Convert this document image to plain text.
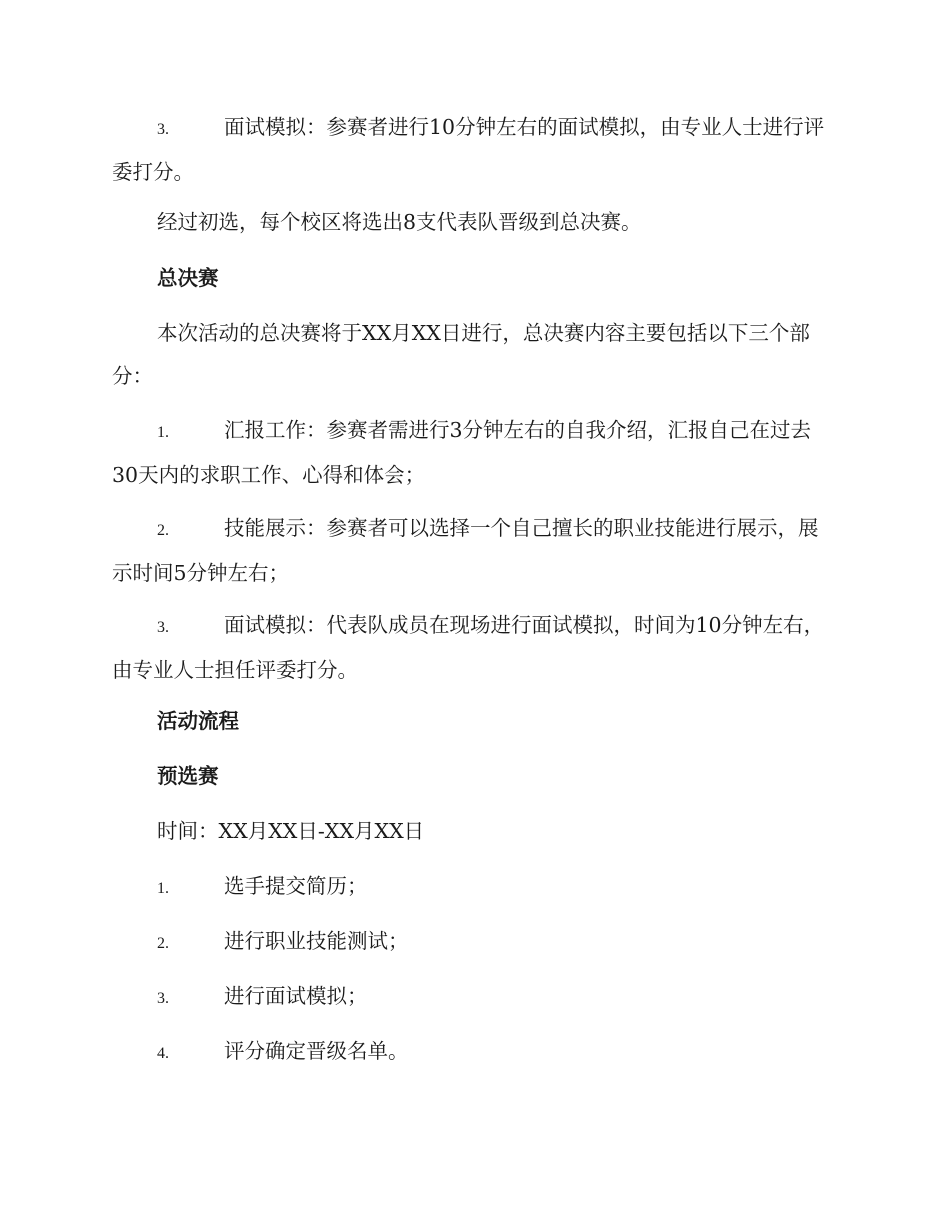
3.	面试模拟：参赛者进行10分钟左右的面试模拟，由专业人士进行评委打分。

经过初选，每个校区将选出8支代表队晋级到总决赛。

总决赛

本次活动的总决赛将于XX月XX日进行，总决赛内容主要包括以下三个部分：

1.	汇报工作：参赛者需进行3分钟左右的自我介绍，汇报自己在过去30天内的求职工作、心得和体会；

2.	技能展示：参赛者可以选择一个自己擅长的职业技能进行展示，展示时间5分钟左右；

3.	面试模拟：代表队成员在现场进行面试模拟，时间为10分钟左右，由专业人士担任评委打分。

活动流程

预选赛

时间：XX月XX日-XX月XX日

1.	选手提交简历；

2.	进行职业技能测试；

3.	进行面试模拟；

4.	评分确定晋级名单。
